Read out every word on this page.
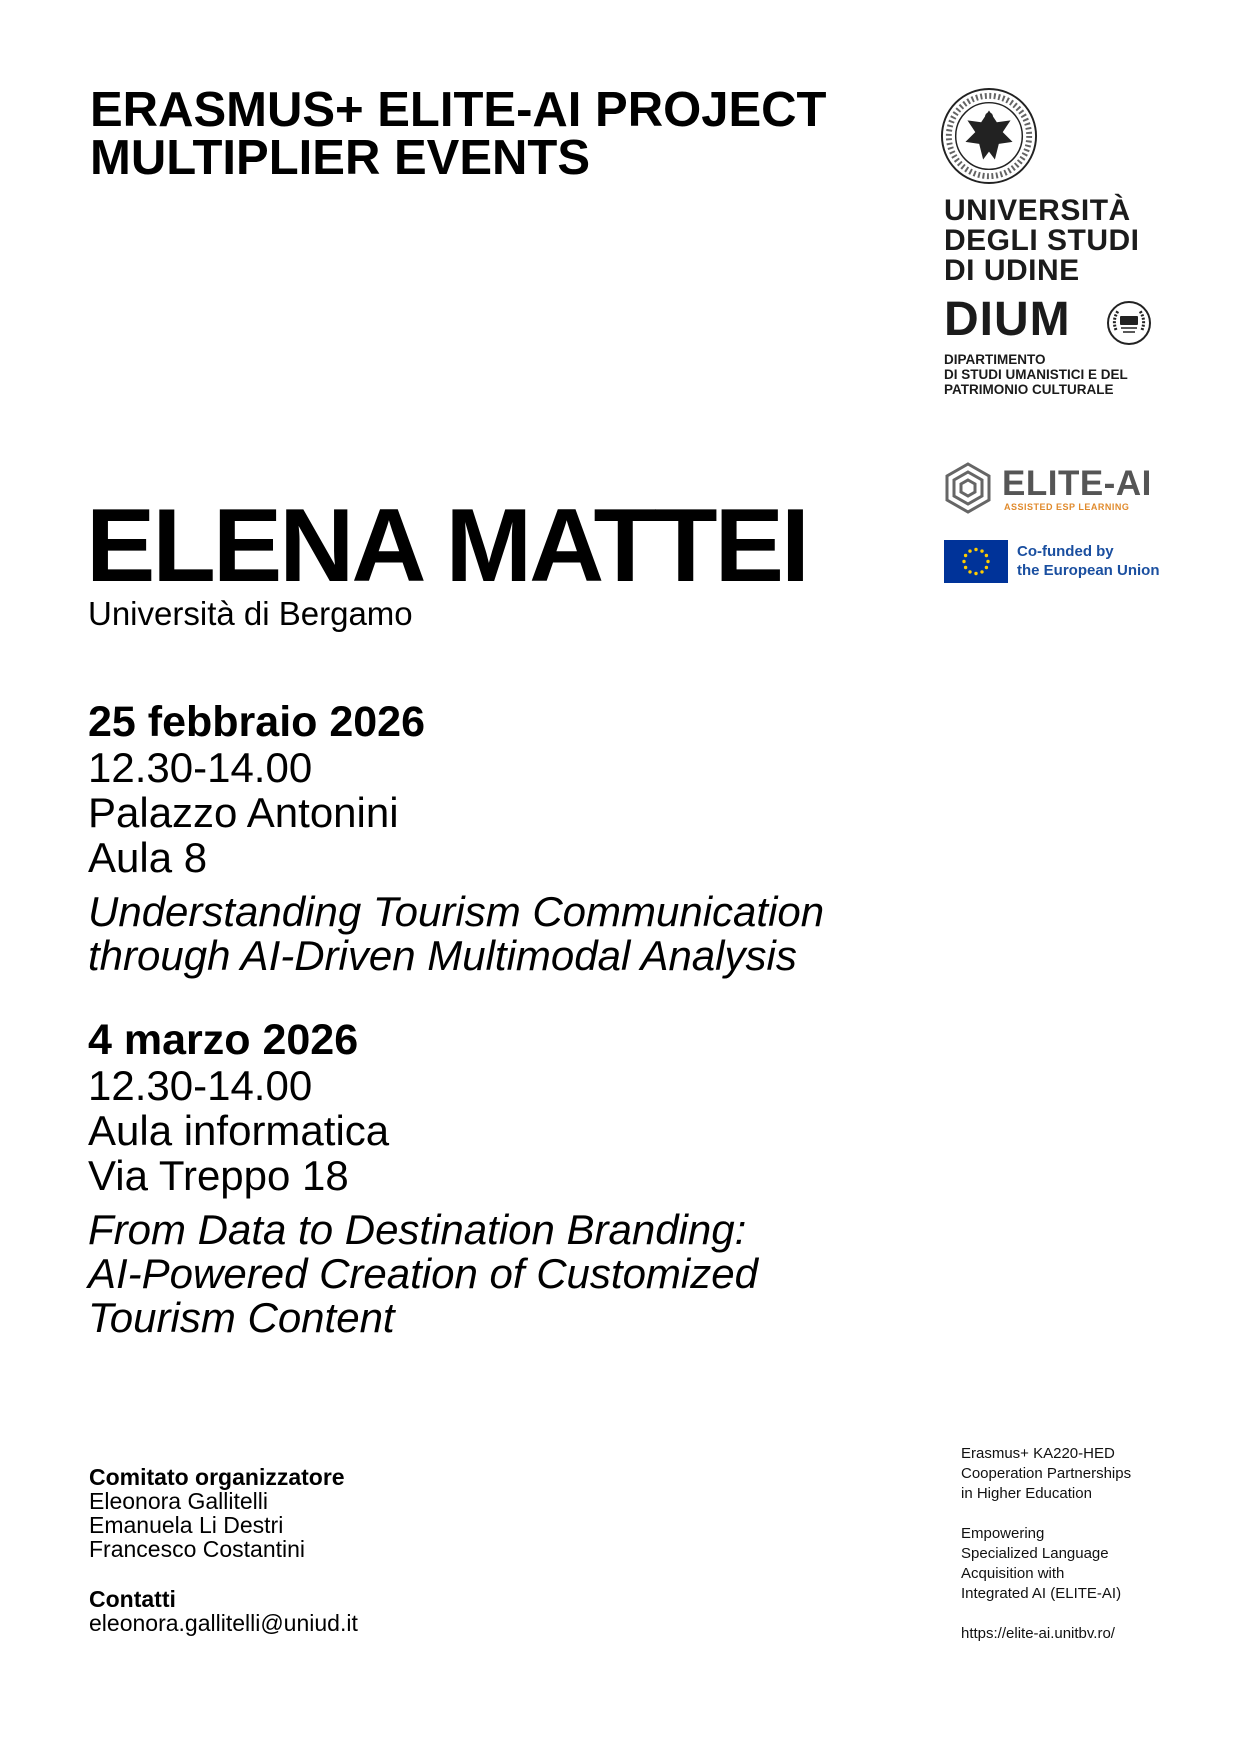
ERASMUS+ ELITE-AI PROJECT
MULTIPLIER EVENTS
UNIVERSITÀ
DEGLI STUDI
DI UDINE
DIUM
DIPARTIMENTO
DI STUDI UMANISTICI E DEL
PATRIMONIO CULTURALE
ELITE-AI
ASSISTED ESP LEARNING
Co-funded by
the European Union
ELENA MATTEI
Università di Bergamo
25 febbraio 2026
12.30-14.00
Palazzo Antonini
Aula 8
Understanding Tourism Communication
through AI-Driven Multimodal Analysis
4 marzo 2026
12.30-14.00
Aula informatica
Via Treppo 18
From Data to Destination Branding:
AI-Powered Creation of Customized
Tourism Content
Comitato organizzatore
Eleonora Gallitelli
Emanuela Li Destri
Francesco Costantini
Contatti
eleonora.gallitelli@uniud.it
Erasmus+ KA220-HED
Cooperation Partnerships
in Higher Education
Empowering
Specialized Language
Acquisition with
Integrated AI (ELITE-AI)
https://elite-ai.unitbv.ro/
